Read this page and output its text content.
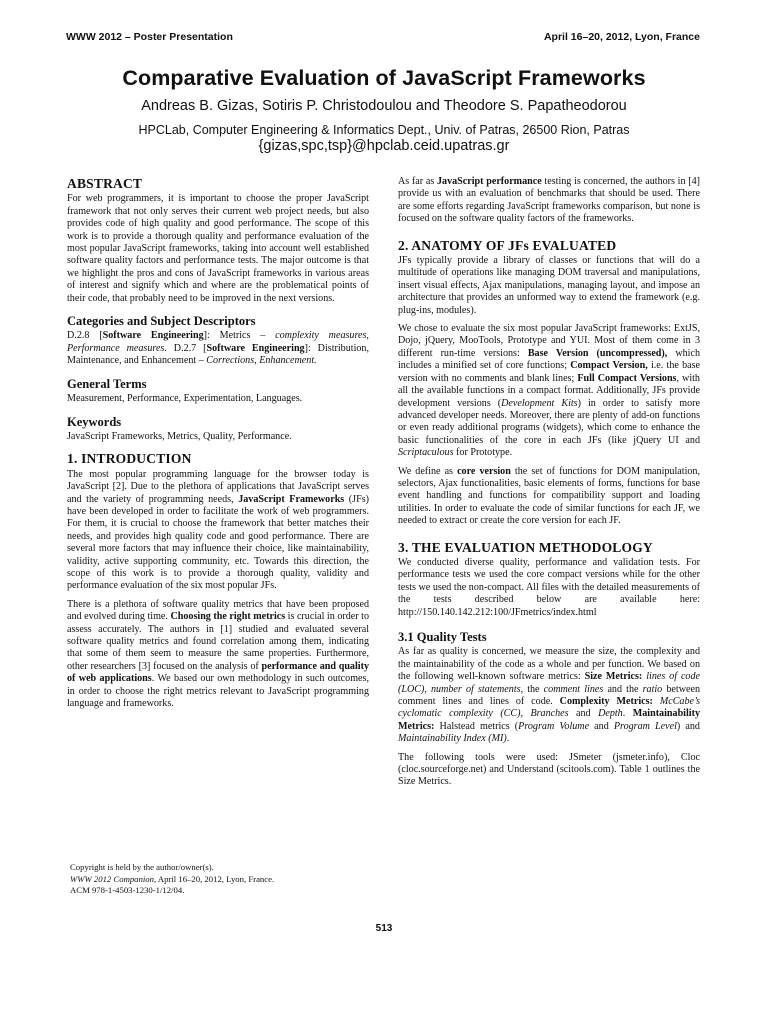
WWW 2012 – Poster Presentation	April 16–20, 2012, Lyon, France
Comparative Evaluation of JavaScript Frameworks
Andreas B. Gizas, Sotiris P. Christodoulou and Theodore S. Papatheodorou
HPCLab, Computer Engineering & Informatics Dept., Univ. of Patras, 26500 Rion, Patras
{gizas,spc,tsp}@hpclab.ceid.upatras.gr
ABSTRACT

For web programmers, it is important to choose the proper JavaScript framework that not only serves their current web project needs, but also provides code of high quality and good performance. The scope of this work is to provide a thorough quality and performance evaluation of the most popular JavaScript frameworks, taking into account well established software quality factors and performance tests. The major outcome is that we highlight the pros and cons of JavaScript frameworks in various areas of interest and signify which and where are the problematical points of their code, that probably need to be improved in the next versions.

Categories and Subject Descriptors

D.2.8 [Software Engineering]: Metrics – complexity measures, Performance measures. D.2.7 [Software Engineering]: Distribution, Maintenance, and Enhancement – Corrections, Enhancement.

General Terms

Measurement, Performance, Experimentation, Languages.

Keywords

JavaScript Frameworks, Metrics, Quality, Performance.

1. INTRODUCTION

The most popular programming language for the browser today is JavaScript [2]. Due to the plethora of applications that JavaScript serves and the variety of programming needs, JavaScript Frameworks (JFs) have been developed in order to facilitate the work of web programmers. For them, it is crucial to choose the framework that better matches their needs, and provides high quality code and good performance. There are several more factors that may influence their choice, like maintainability, validity, active supporting community, etc. Towards this direction, the scope of this work is to provide a thorough quality, validity and performance evaluation of the six most popular JFs.

There is a plethora of software quality metrics that have been proposed and evolved during time. Choosing the right metrics is crucial in order to assess accurately. The authors in [1] studied and evaluated several software quality metrics and found correlation among them, indicating that some of them seem to measure the same properties. Furthermore, other researchers [3] focused on the analysis of performance and quality of web applications. We based our own methodology in such outcomes, in order to choose the right metrics relevant to JavaScript programming language and frameworks.

Copyright is held by the author/owner(s).
WWW 2012 Companion, April 16–20, 2012, Lyon, France.
ACM 978-1-4503-1230-1/12/04.

As far as JavaScript performance testing is concerned, the authors in [4] provide us with an evaluation of benchmarks that should be used. There are some efforts regarding JavaScript frameworks comparison, but none is focused on the software quality factors of the frameworks.

2. ANATOMY OF JFs EVALUATED

JFs typically provide a library of classes or functions that will do a multitude of operations like managing DOM traversal and manipulations, insert visual effects, Ajax manipulations, managing layout, and impose an architecture that provides an unformed way to extend the framework (e.g. plug-ins, modules).

We chose to evaluate the six most popular JavaScript frameworks: ExtJS, Dojo, jQuery, MooTools, Prototype and YUI. Most of them come in 3 different run-time versions: Base Version (uncompressed), which includes a minified set of core functions; Compact Version, i.e. the base version with no comments and blank lines; Full Compact Versions, with all the available functions in a compact format. Additionally, JFs provide development versions (Development Kits) in order to satisfy more advanced developer needs. Moreover, there are plenty of add-on functions or even ready additional programs (widgets), which come to enhance the basic functionalities of the core in each JFs (like jQuery UI and Scriptaculous for Prototype.

We define as core version the set of functions for DOM manipulation, selectors, Ajax functionalities, basic elements of forms, functions for base event handling and functions for compatibility support and loading utilities. In order to evaluate the code of similar functions for each JF, we needed to extract or create the core version for each JF.

3. THE EVALUATION METHODOLOGY

We conducted diverse quality, performance and validation tests. For performance tests we used the core compact versions while for the other tests we used the non-compact. All files with the detailed measurements of the tests described below are available here: http://150.140.142.212:100/JFmetrics/index.html

3.1 Quality Tests

As far as quality is concerned, we measure the size, the complexity and the maintainability of the code as a whole and per function. We based on the following well-known software metrics: Size Metrics: lines of code (LOC), number of statements, the comment lines and the ratio between comment lines and lines of code. Complexity Metrics: McCabe’s cyclomatic complexity (CC), Branches and Depth. Maintainability Metrics: Halstead metrics (Program Volume and Program Level) and Maintainability Index (MI).

The following tools were used: JSmeter (jsmeter.info), Cloc (cloc.sourceforge.net) and Understand (scitools.com). Table 1 outlines the Size Metrics.

513
